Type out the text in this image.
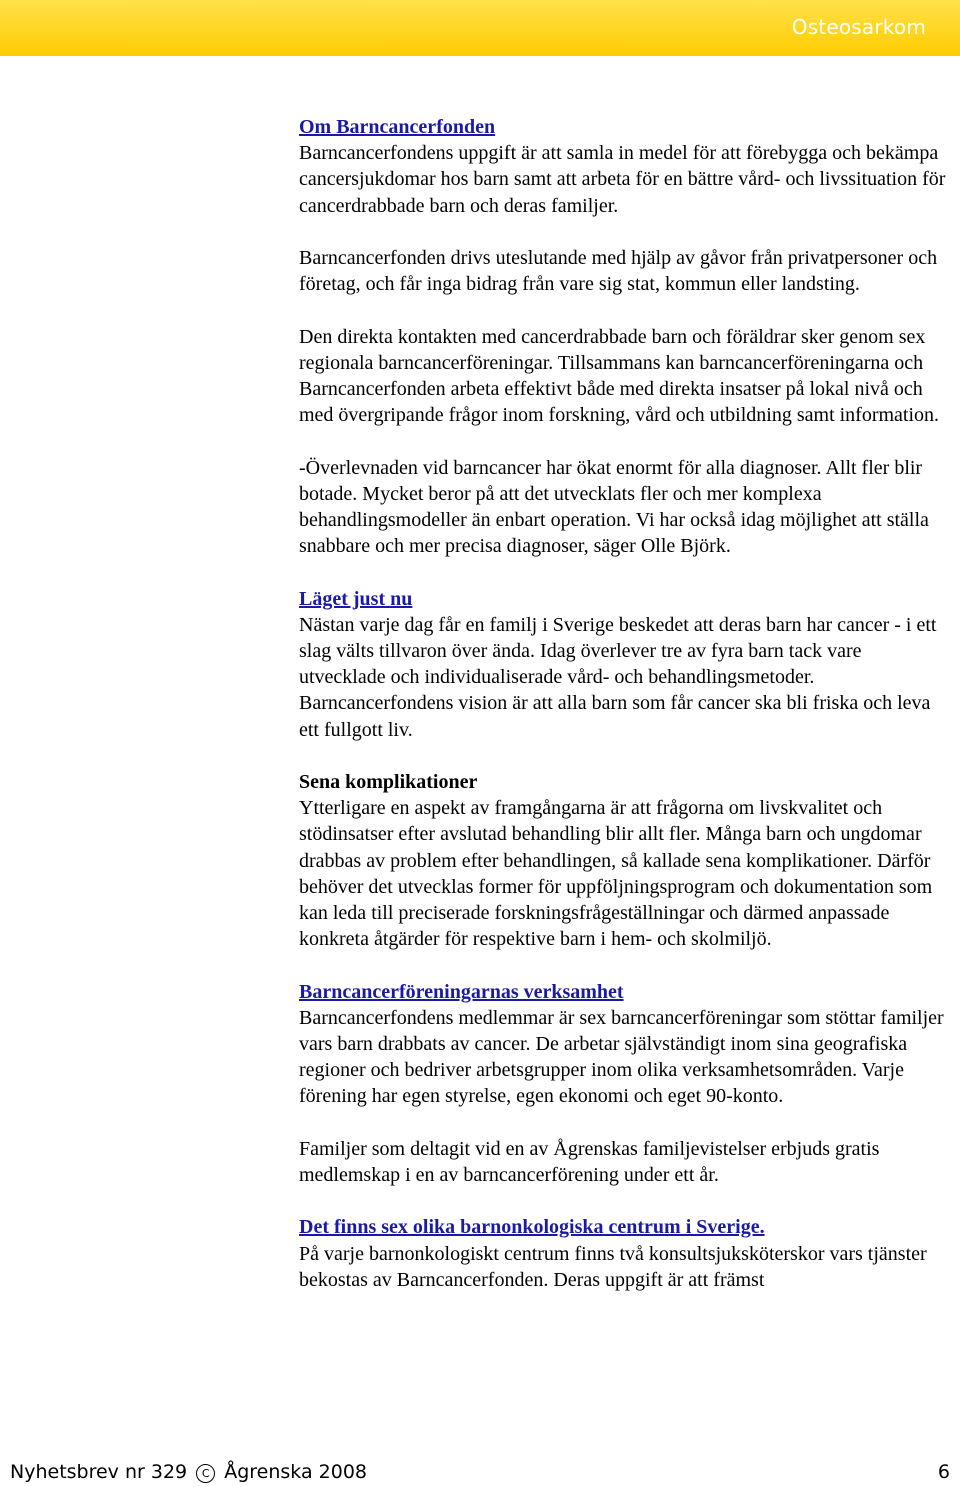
Osteosarkom
Om Barncancerfonden

Barncancerfondens uppgift är att samla in medel för att förebygga och bekämpa cancersjukdomar hos barn samt att arbeta för en bättre vård- och livssituation för cancerdrabbade barn och deras familjer.

Barncancerfonden drivs uteslutande med hjälp av gåvor från privatpersoner och företag, och får inga bidrag från vare sig stat, kommun eller landsting.

Den direkta kontakten med cancerdrabbade barn och föräldrar sker genom sex regionala barncancerföreningar. Tillsammans kan barncancerföreningarna och Barncancerfonden arbeta effektivt både med direkta insatser på lokal nivå och med övergripande frågor inom forskning, vård och utbildning samt information.

-Överlevnaden vid barncancer har ökat enormt för alla diagnoser. Allt fler blir botade. Mycket beror på att det utvecklats fler och mer komplexa behandlingsmodeller än enbart operation. Vi har också idag möjlighet att ställa snabbare och mer precisa diagnoser, säger Olle Björk.

Läget just nu

Nästan varje dag får en familj i Sverige beskedet att deras barn har cancer - i ett slag välts tillvaron över ända. Idag överlever tre av fyra barn tack vare utvecklade och individualiserade vård- och behandlingsmetoder. Barncancerfondens vision är att alla barn som får cancer ska bli friska och leva ett fullgott liv.

Sena komplikationer

Ytterligare en aspekt av framgångarna är att frågorna om livskvalitet och stödinsatser efter avslutad behandling blir allt fler. Många barn och ungdomar drabbas av problem efter behandlingen, så kallade sena komplikationer. Därför behöver det utvecklas former för uppföljningsprogram och dokumentation som kan leda till preciserade forskningsfrågeställningar och därmed anpassade konkreta åtgärder för respektive barn i hem- och skolmiljö.

Barncancerföreningarnas verksamhet

Barncancerfondens medlemmar är sex barncancerföreningar som stöttar familjer vars barn drabbats av cancer. De arbetar självständigt inom sina geografiska regioner och bedriver arbetsgrupper inom olika verksamhetsområden. Varje förening har egen styrelse, egen ekonomi och eget 90-konto.

Familjer som deltagit vid en av Ågrenskas familjevistelser erbjuds gratis medlemskap i en av barncancerförening under ett år.

Det finns sex olika barnonkologiska centrum i Sverige.

På varje barnonkologiskt centrum finns två konsultsjuksköterskor vars tjänster bekostas av Barncancerfonden. Deras uppgift är att främst

Nyhetsbrev nr 329 C Ågrenska 2008	6
